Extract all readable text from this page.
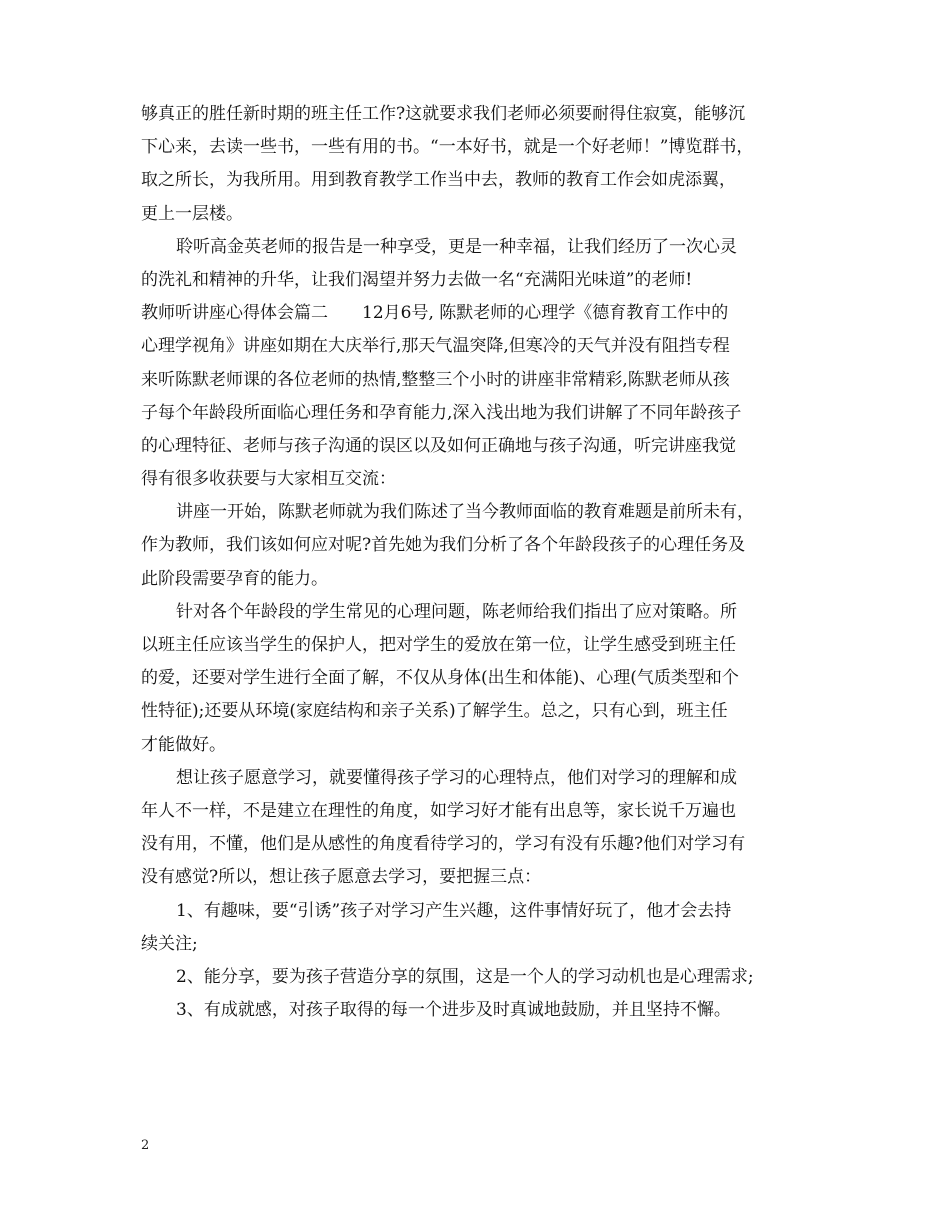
够真正的胜任新时期的班主任工作?这就要求我们老师必须要耐得住寂寞，能够沉
下心来，去读一些书，一些有用的书。“一本好书，就是一个好老师！”博览群书，
取之所长，为我所用。用到教育教学工作当中去，教师的教育工作会如虎添翼，
更上一层楼。
聆听高金英老师的报告是一种享受，更是一种幸福，让我们经历了一次心灵
的洗礼和精神的升华，让我们渴望并努力去做一名“充满阳光味道”的老师!
教师听讲座心得体会篇二　　12月6号, 陈默老师的心理学《德育教育工作中的
心理学视角》讲座如期在大庆举行,那天气温突降,但寒冷的天气并没有阻挡专程
来听陈默老师课的各位老师的热情,整整三个小时的讲座非常精彩,陈默老师从孩
子每个年龄段所面临心理任务和孕育能力,深入浅出地为我们讲解了不同年龄孩子
的心理特征、老师与孩子沟通的误区以及如何正确地与孩子沟通，听完讲座我觉
得有很多收获要与大家相互交流：
讲座一开始，陈默老师就为我们陈述了当今教师面临的教育难题是前所未有，
作为教师，我们该如何应对呢?首先她为我们分析了各个年龄段孩子的心理任务及
此阶段需要孕育的能力。
针对各个年龄段的学生常见的心理问题，陈老师给我们指出了应对策略。所
以班主任应该当学生的保护人，把对学生的爱放在第一位，让学生感受到班主任
的爱，还要对学生进行全面了解，不仅从身体(出生和体能)、心理(气质类型和个
性特征);还要从环境(家庭结构和亲子关系)了解学生。总之，只有心到，班主任
才能做好。
想让孩子愿意学习，就要懂得孩子学习的心理特点，他们对学习的理解和成
年人不一样，不是建立在理性的角度，如学习好才能有出息等，家长说千万遍也
没有用，不懂，他们是从感性的角度看待学习的，学习有没有乐趣?他们对学习有
没有感觉?所以，想让孩子愿意去学习，要把握三点：
1、有趣味，要“引诱”孩子对学习产生兴趣，这件事情好玩了，他才会去持
续关注;
2、能分享，要为孩子营造分享的氛围，这是一个人的学习动机也是心理需求;
3、有成就感，对孩子取得的每一个进步及时真诚地鼓励，并且坚持不懈。
2
